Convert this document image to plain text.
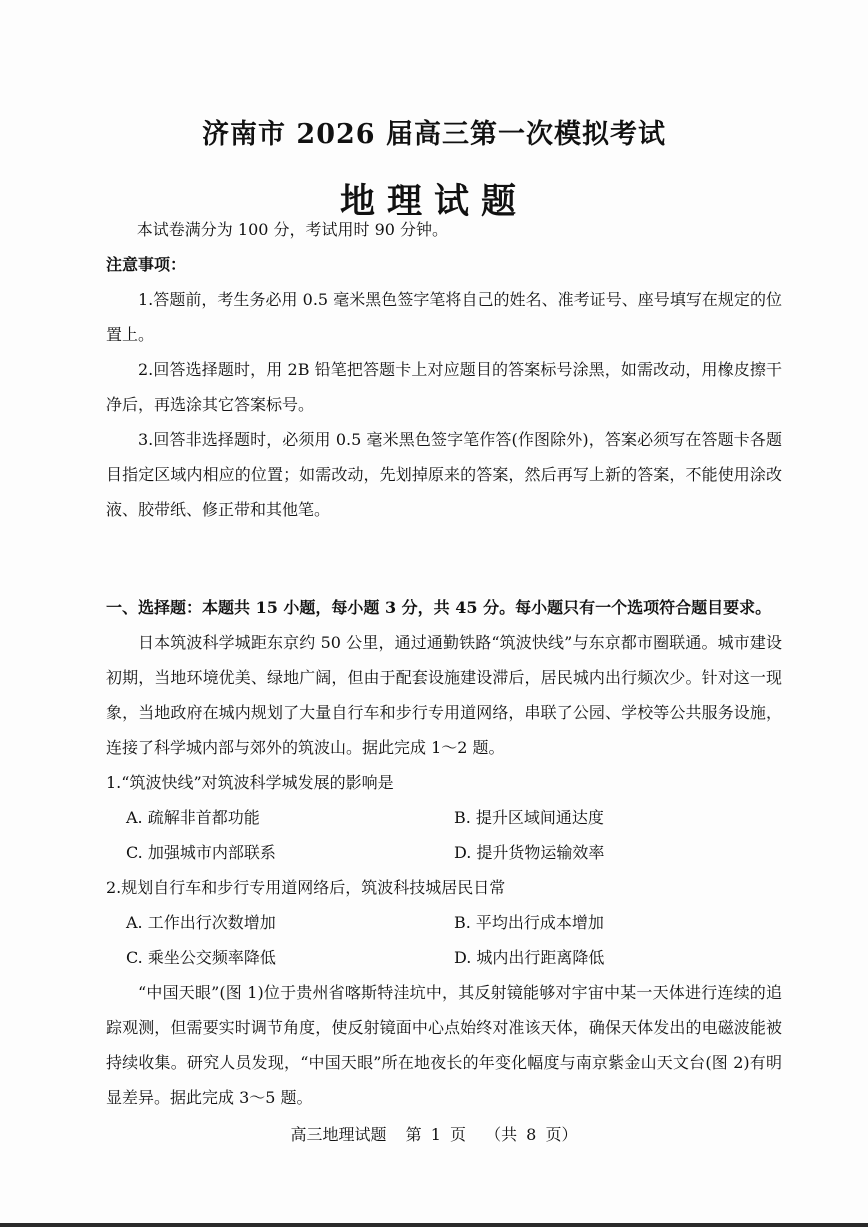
济南市 2026 届高三第一次模拟考试
地理试题

本试卷满分为 100 分，考试用时 90 分钟。

注意事项：

1.答题前，考生务必用 0.5 毫米黑色签字笔将自己的姓名、准考证号、座号填写在规定的位置上。

2.回答选择题时，用 2B 铅笔把答题卡上对应题目的答案标号涂黑，如需改动，用橡皮擦干净后，再选涂其它答案标号。

3.回答非选择题时，必须用 0.5 毫米黑色签字笔作答(作图除外)，答案必须写在答题卡各题目指定区域内相应的位置；如需改动，先划掉原来的答案，然后再写上新的答案，不能使用涂改液、胶带纸、修正带和其他笔。

一、选择题：本题共 15 小题，每小题 3 分，共 45 分。每小题只有一个选项符合题目要求。

日本筑波科学城距东京约 50 公里，通过通勤铁路“筑波快线”与东京都市圈联通。城市建设初期，当地环境优美、绿地广阔，但由于配套设施建设滞后，居民城内出行频次少。针对这一现象，当地政府在城内规划了大量自行车和步行专用道网络，串联了公园、学校等公共服务设施，连接了科学城内部与郊外的筑波山。据此完成 1～2 题。

1.“筑波快线”对筑波科学城发展的影响是

A. 疏解非首都功能	B. 提升区域间通达度

C. 加强城市内部联系	D. 提升货物运输效率

2.规划自行车和步行专用道网络后，筑波科技城居民日常

A. 工作出行次数增加	B. 平均出行成本增加

C. 乘坐公交频率降低	D. 城内出行距离降低

“中国天眼”(图 1)位于贵州省喀斯特洼坑中，其反射镜能够对宇宙中某一天体进行连续的追踪观测，但需要实时调节角度，使反射镜面中心点始终对准该天体，确保天体发出的电磁波能被持续收集。研究人员发现，“中国天眼”所在地夜长的年变化幅度与南京紫金山天文台(图 2)有明显差异。据此完成 3～5 题。

高三地理试题 第 1 页 （共 8 页）
